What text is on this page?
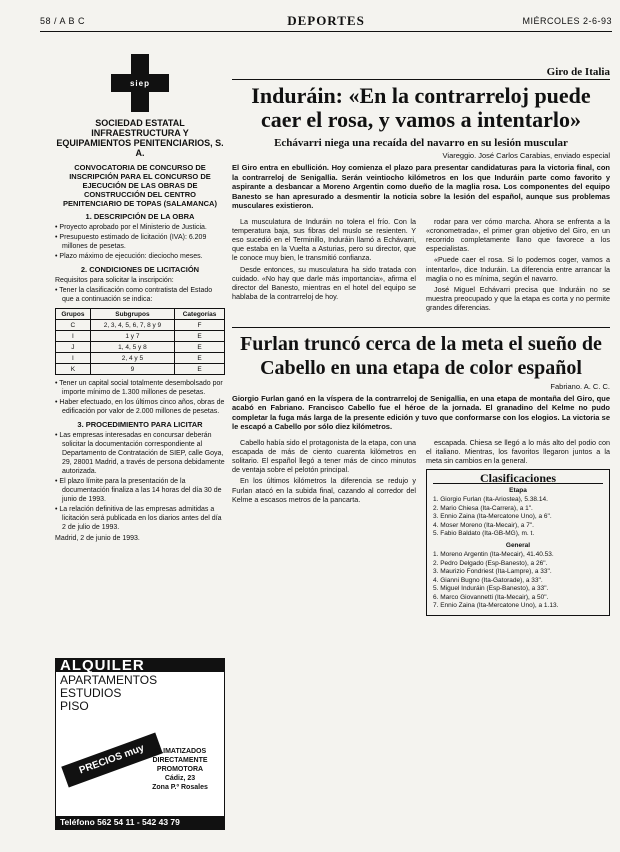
58 / A B C	DEPORTES	MIÉRCOLES 2-6-93
siep
SOCIEDAD ESTATAL INFRAESTRUCTURA Y EQUIPAMIENTOS PENITENCIARIOS, S. A.
CONVOCATORIA DE CONCURSO DE INSCRIPCIÓN PARA EL CONCURSO DE EJECUCIÓN DE LAS OBRAS DE CONSTRUCCIÓN DEL CENTRO PENITENCIARIO DE TOPAS (SALAMANCA)
1. DESCRIPCIÓN DE LA OBRA
• Proyecto aprobado por el Ministerio de Justicia.
• Presupuesto estimado de licitación (IVA): 6.209 millones de pesetas.
• Plazo máximo de ejecución: dieciocho meses.
2. CONDICIONES DE LICITACIÓN
Requisitos para solicitar la inscripción:
• Tener la clasificación como contratista del Estado que a continuación se indica:
Grupos	Subgrupos	Categorías
C	2, 3, 4, 5, 6, 7, 8 y 9	F
I	1 y 7	E
J	1, 4, 5 y 8	E
I	2, 4 y 5	E
K	9	E
• Tener un capital social totalmente desembolsado por importe mínimo de 1.300 millones de pesetas.
• Haber efectuado, en los últimos cinco años, obras de edificación por valor de 2.000 millones de pesetas.
3. PROCEDIMIENTO PARA LICITAR
• Las empresas interesadas en concursar deberán solicitar la documentación correspondiente al Departamento de Contratación de SIEP, calle Goya, 29, 28001 Madrid, a través de persona debidamente autorizada.
• El plazo límite para la presentación de la documentación finaliza a las 14 horas del día 30 de junio de 1993.
• La relación definitiva de las empresas admitidas a licitación será publicada en los diarios antes del día 2 de julio de 1993.
Madrid, 2 de junio de 1993.
ALQUILER
APARTAMENTOS
ESTUDIOS
PISO
PRECIOS muy ESPECIALES
CLIMATIZADOS
DIRECTAMENTE
PROMOTORA
Cádiz, 23
Zona P.º Rosales
Teléfono 562 54 11 - 542 43 79
Giro de Italia
Induráin: «En la contrarreloj puede caer el rosa, y vamos a intentarlo»
Echávarri niega una recaída del navarro en su lesión muscular
Viareggio. José Carlos Carabias, enviado especial
El Giro entra en ebullición. Hoy comienza el plazo para presentar candidaturas para la victoria final, con la contrarreloj de Senigallia. Serán veintiocho kilómetros en los que Induráin parte como favorito y aspirante a desbancar a Moreno Argentin como dueño de la maglia rosa. Los componentes del equipo Banesto se han apresurado a desmentir la noticia sobre la lesión del español, aunque sus problemas musculares existieron.

La musculatura de Induráin no tolera el frío. Con la temperatura baja, sus fibras del muslo se resienten. Y eso sucedió en el Terminillo, Induráin llamó a Echávarri, que estaba en la Vuelta a Asturias, pero su director, que le conoce muy bien, le transmitió confianza.

Desde entonces, su musculatura ha sido tratada con cuidado. «No hay que darle más importancia», afirma el director del Banesto, mientras en el hotel del equipo se hablaba de la contrarreloj de hoy.

rodar para ver cómo marcha. Ahora se enfrenta a la «cronometrada», el primer gran objetivo del Giro, en un recorrido completamente llano que favorece a los especialistas.

«Puede caer el rosa. Si lo podemos coger, vamos a intentarlo», dice Induráin. La diferencia entre arrancar la maglia o no es mínima, según el navarro.

José Miguel Echávarri precisa que Induráin no se muestra preocupado y que la etapa es corta y no permite grandes diferencias.

Furlan truncó cerca de la meta el sueño de Cabello en una etapa de color español
Fabriano. A. C. C.
Giorgio Furlan ganó en la víspera de la contrarreloj de Senigallia, en una etapa de montaña del Giro, que acabó en Fabriano. Francisco Cabello fue el héroe de la jornada. El granadino del Kelme no pudo completar la fuga más larga de la presente edición y tuvo que conformarse con los elogios. La victoria se le escapó a Cabello por sólo diez kilómetros.

Cabello había sido el protagonista de la etapa, con una escapada de más de ciento cuarenta kilómetros en solitario. El español llegó a tener más de cinco minutos de ventaja sobre el pelotón principal.

En los últimos kilómetros la diferencia se redujo y Furlan atacó en la subida final, cazando al corredor del Kelme a escasos metros de la pancarta.

escapada. Chiesa se llegó a lo más alto del podio con el italiano. Mientras, los favoritos llegaron juntos a la meta sin cambios en la general.

Clasificaciones
Etapa
1. Giorgio Furlan (Ita-Ariostea), 5.38.14.
2. Mario Chiesa (Ita-Carrera), a 1".
3. Ennio Zaina (Ita-Mercatone Uno), a 6".
4. Moser Moreno (Ita-Mecair), a 7".
5. Fabio Baldato (Ita-GB-MG), m. t.
General
1. Moreno Argentin (Ita-Mecair), 41.40.53.
2. Pedro Delgado (Esp-Banesto), a 26".
3. Maurizio Fondriest (Ita-Lampre), a 33".
4. Gianni Bugno (Ita-Gatorade), a 33".
5. Miguel Induráin (Esp-Banesto), a 33".
6. Marco Giovannetti (Ita-Mecair), a 50".
7. Ennio Zaina (Ita-Mercatone Uno), a 1.13.
